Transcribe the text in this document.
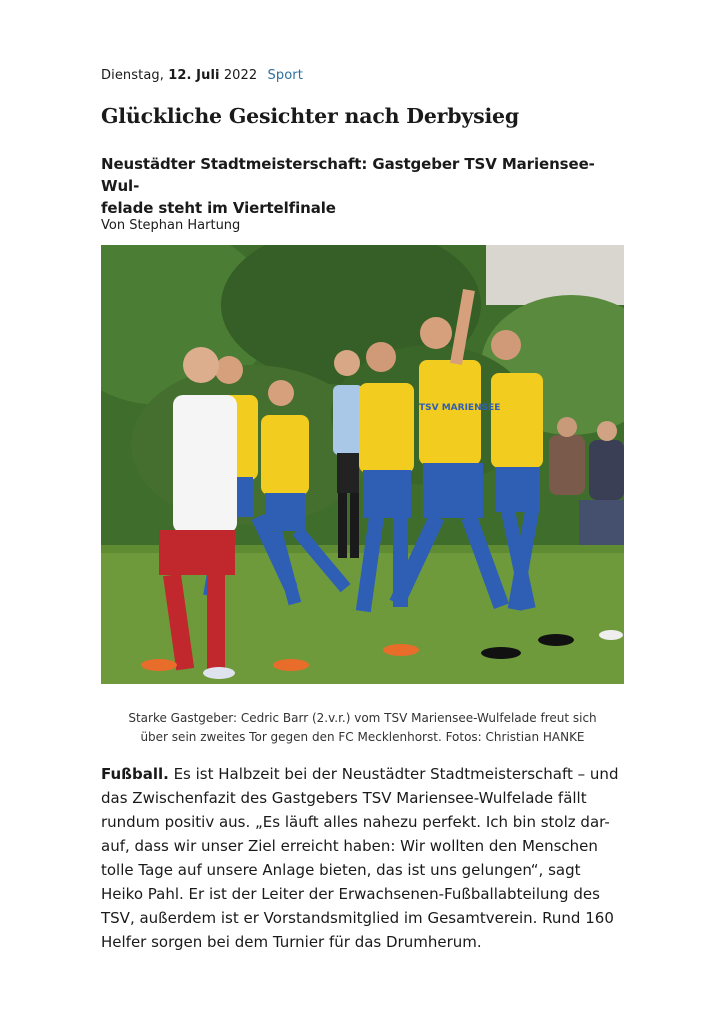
Dienstag, 12. Juli 2022 Sport
Glückliche Gesichter nach Derbysieg
Neustädter Stadtmeisterschaft: Gastgeber TSV Mariensee-Wul-
felade steht im Viertelfinale
Von Stephan Hartung
TSV MARIENSEE
Starke Gastgeber: Cedric Barr (2.v.r.) vom TSV Mariensee-Wulfelade freut sich
über sein zweites Tor gegen den FC Mecklenhorst. Fotos: Christian HANKE
Fußball. Es ist Halbzeit bei der Neustädter Stadtmeisterschaft – und
das Zwischenfazit des Gastgebers TSV Mariensee-Wulfelade fällt
rundum positiv aus. „Es läuft alles nahezu perfekt. Ich bin stolz dar-
auf, dass wir unser Ziel erreicht haben: Wir wollten den Menschen
tolle Tage auf unsere Anlage bieten, das ist uns gelungen“, sagt
Heiko Pahl. Er ist der Leiter der Erwachsenen-Fußballabteilung des
TSV, außerdem ist er Vorstandsmitglied im Gesamtverein. Rund 160
Helfer sorgen bei dem Turnier für das Drumherum.
